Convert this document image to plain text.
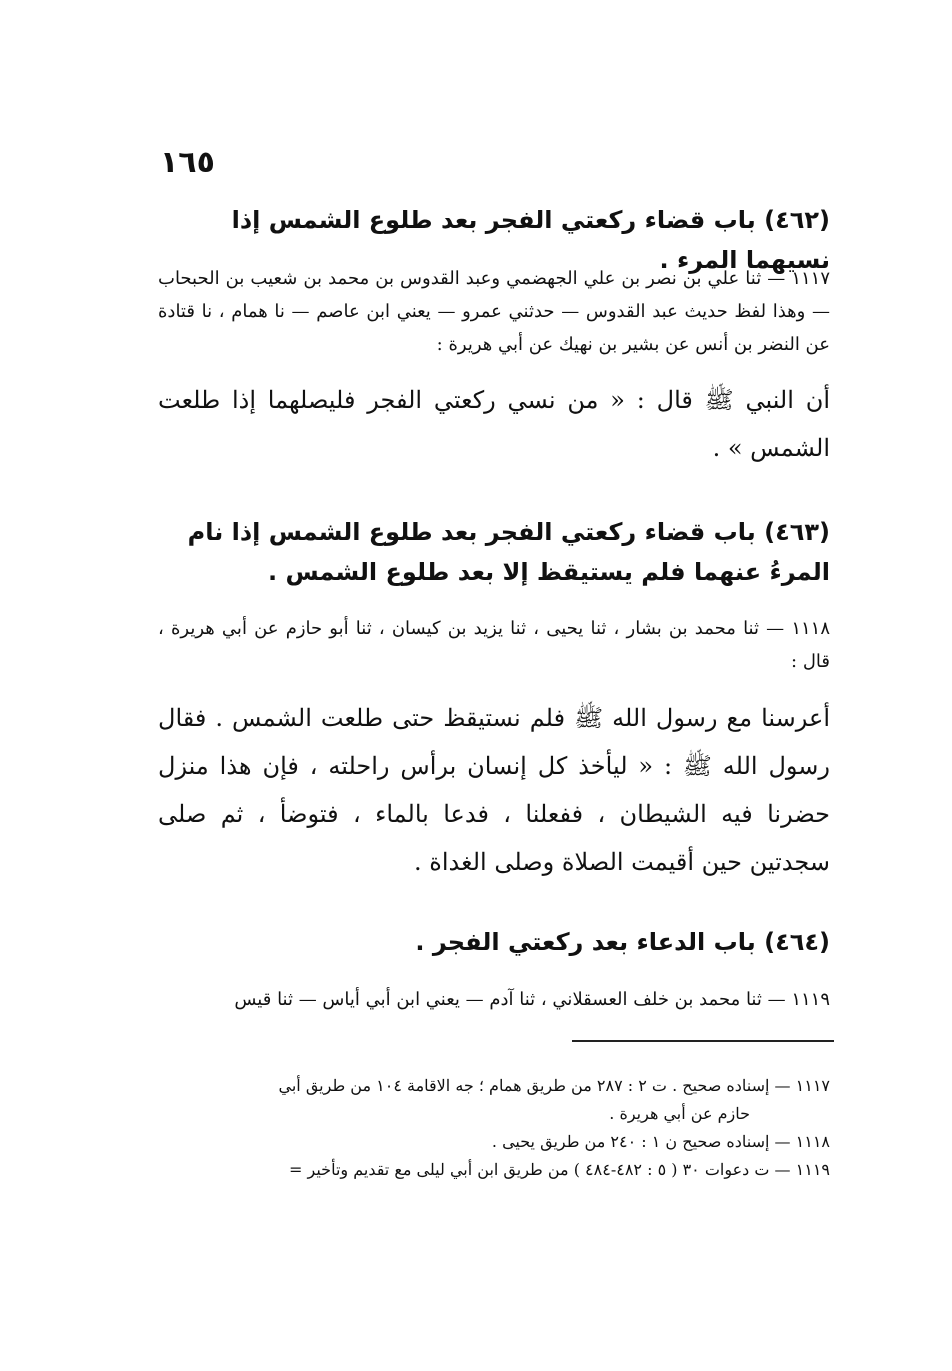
١٦٥

(٤٦٢) باب قضاء ركعتي الفجر بعد طلوع الشمس إذا نسيهما المرء .

١١١٧ — ثنا علي بن نصر بن علي الجهضمي وعبد القدوس بن محمد بن شعيب بن الحبحاب — وهذا لفظ حديث عبد القدوس — حدثني عمرو — يعني ابن عاصم — نا همام ، نا قتادة عن النضر بن أنس عن بشير بن نهيك عن أبي هريرة :

أن النبي ﷺ قال : « من نسي ركعتي الفجر فليصلهما إذا طلعت الشمس » .

(٤٦٣) باب قضاء ركعتي الفجر بعد طلوع الشمس إذا نام المرءُ عنهما فلم يستيقظ إلا بعد طلوع الشمس .

١١١٨ — ثنا محمد بن بشار ، ثنا يحيى ، ثنا يزيد بن كيسان ، ثنا أبو حازم عن أبي هريرة ، قال :

أعرسنا مع رسول الله ﷺ فلم نستيقظ حتى طلعت الشمس . فقال رسول الله ﷺ : « ليأخذ كل إنسان برأس راحلته ، فإن هذا منزل حضرنا فيه الشيطان ، ففعلنا ، فدعا بالماء ، فتوضأ ، ثم صلى سجدتين حين أقيمت الصلاة وصلى الغداة .

(٤٦٤) باب الدعاء بعد ركعتي الفجر .

١١١٩ — ثنا محمد بن خلف العسقلاني ، ثنا آدم — يعني ابن أبي أياس — ثنا قيس

١١١٧ — إسناده صحيح . ت ٢ : ٢٨٧ من طريق همام ؛ جه الاقامة ١٠٤ من طريق أبي
حازم عن أبي هريرة .
١١١٨ — إسناده صحيح ن ١ : ٢٤٠ من طريق يحيى .
١١١٩ — ت دعوات ٣٠ ( ٥ : ٤٨٢-٤٨٤ ) من طريق ابن أبي ليلى مع تقديم وتأخير =
